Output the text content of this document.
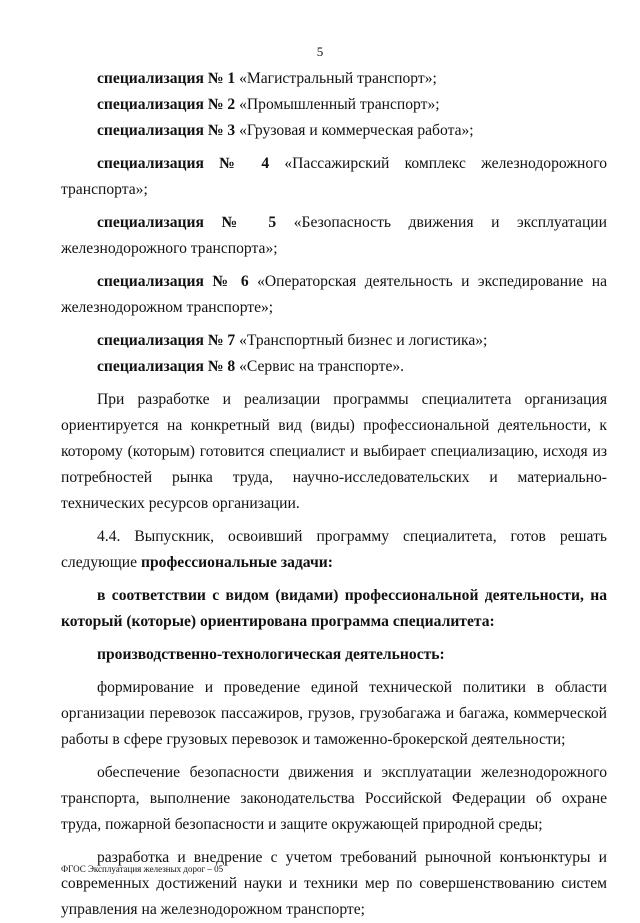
5

специализация № 1 «Магистральный транспорт»;

специализация № 2 «Промышленный транспорт»;

специализация № 3 «Грузовая и коммерческая работа»;

специализация № 4 «Пассажирский комплекс железнодорожного транспорта»;

специализация № 5 «Безопасность движения и эксплуатации железнодорожного транспорта»;

специализация № 6 «Операторская деятельность и экспедирование на железнодорожном транспорте»;

специализация № 7 «Транспортный бизнес и логистика»;

специализация № 8 «Сервис на транспорте».

При разработке и реализации программы специалитета организация ориентируется на конкретный вид (виды) профессиональной деятельности, к которому (которым) готовится специалист и выбирает специализацию, исходя из потребностей рынка труда, научно-исследовательских и материально-технических ресурсов организации.

4.4. Выпускник, освоивший программу специалитета, готов решать следующие профессиональные задачи:

в соответствии с видом (видами) профессиональной деятельности, на который (которые) ориентирована программа специалитета:

производственно-технологическая деятельность:

формирование и проведение единой технической политики в области организации перевозок пассажиров, грузов, грузобагажа и багажа, коммерческой работы в сфере грузовых перевозок и таможенно-брокерской деятельности;

обеспечение безопасности движения и эксплуатации железнодорожного транспорта, выполнение законодательства Российской Федерации об охране труда, пожарной безопасности и защите окружающей природной среды;

разработка и внедрение с учетом требований рыночной конъюнктуры и современных достижений науки и техники мер по совершенствованию систем управления на железнодорожном транспорте;

ФГОС Эксплуатация железных дорог – 05
